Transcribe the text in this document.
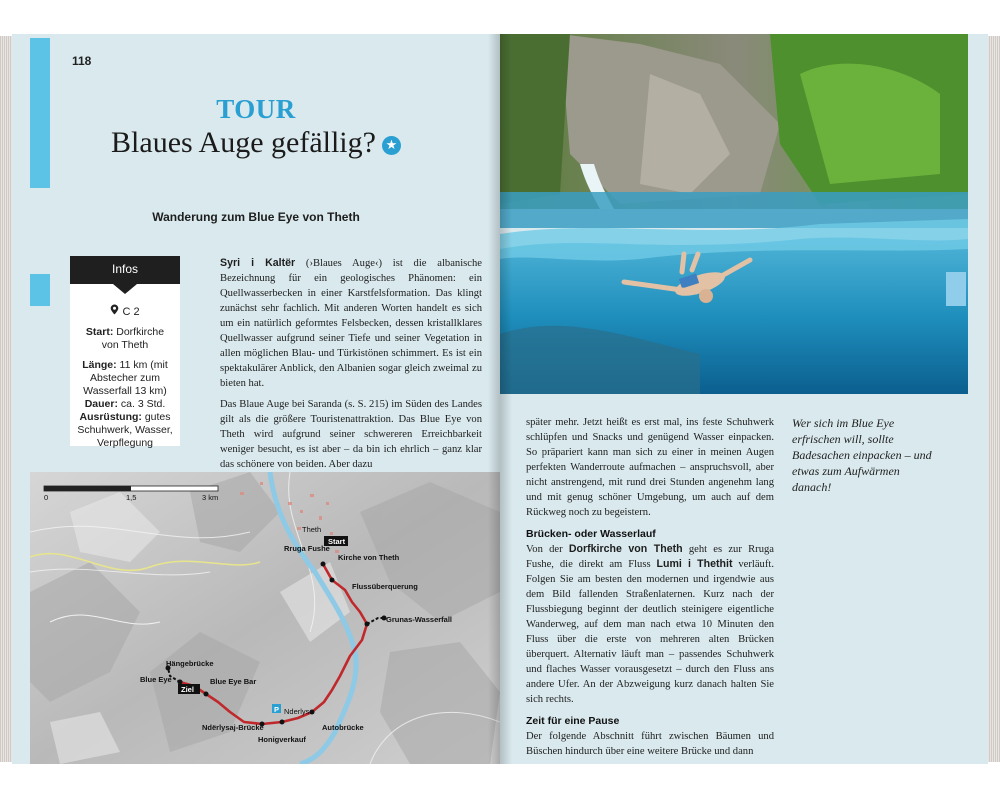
118
TOUR
Blaues Auge gefällig? ★
Wanderung zum Blue Eye von Theth
Infos
C 2

Start: Dorfkirche von Theth

Länge: 11 km (mit Abstecher zum Wasserfall 13 km)
Dauer: ca. 3 Std.
Ausrüstung: gutes Schuhwerk, Wasser, Verpflegung

Syri i Kaltër (›Blaues Auge‹) ist die albanische Bezeichnung für ein geologisches Phänomen: ein Quellwasserbecken in einer Karstfelsformation. Das klingt zunächst sehr fachlich. Mit anderen Worten handelt es sich um ein natürlich geformtes Felsbecken, dessen kristallklares Quellwasser aufgrund seiner Tiefe und seiner Vegetation in allen möglichen Blau- und Türkistönen schimmert. Es ist ein spektakulärer Anblick, den Albanien sogar gleich zweimal zu bieten hat.

Das Blaue Auge bei Saranda (s. S. 215) im Süden des Landes gilt als die größere Touristenattraktion. Das Blue Eye von Theth wird aufgrund seiner schwereren Erreichbarkeit weniger besucht, es ist aber – da bin ich ehrlich – ganz klar das schönere von beiden. Aber dazu

0	1,5	3 km
Theth
Start
Rruga Fushe
Kirche von Theth
Flussüberquerung
Grunas-Wasserfall
Hängebrücke
Blue Eye
Ziel
Blue Eye Bar
P Nderlysa
Ndërlysaj-Brücke
Honigverkauf
Autobrücke

später mehr. Jetzt heißt es erst mal, ins feste Schuhwerk schlüpfen und Snacks und genügend Wasser einpacken. So präpariert kann man sich zu einer in meinen Augen perfekten Wanderroute aufmachen – anspruchsvoll, aber nicht anstrengend, mit rund drei Stunden angenehm lang und mit genug schöner Umgebung, um auch auf dem Rückweg noch zu begeistern.

Brücken- oder Wasserlauf

Von der Dorfkirche von Theth geht es zur Rruga Fushe, die direkt am Fluss Lumi i Thethit verläuft. Folgen Sie am besten den modernen und irgendwie aus dem Bild fallenden Straßenlaternen. Kurz nach der Flussbiegung beginnt der deutlich steinigere eigentliche Wanderweg, auf dem man nach etwa 10 Minuten den Fluss über die erste von mehreren alten Brücken überquert. Alternativ läuft man – passendes Schuhwerk und flaches Wasser vorausgesetzt – durch den Fluss ans andere Ufer. An der Abzweigung kurz danach halten Sie sich rechts.

Zeit für eine Pause

Der folgende Abschnitt führt zwischen Bäumen und Büschen hindurch über eine weitere Brücke und dann

Wer sich im Blue Eye erfrischen will, sollte Badesachen einpacken – und etwas zum Aufwärmen danach!
